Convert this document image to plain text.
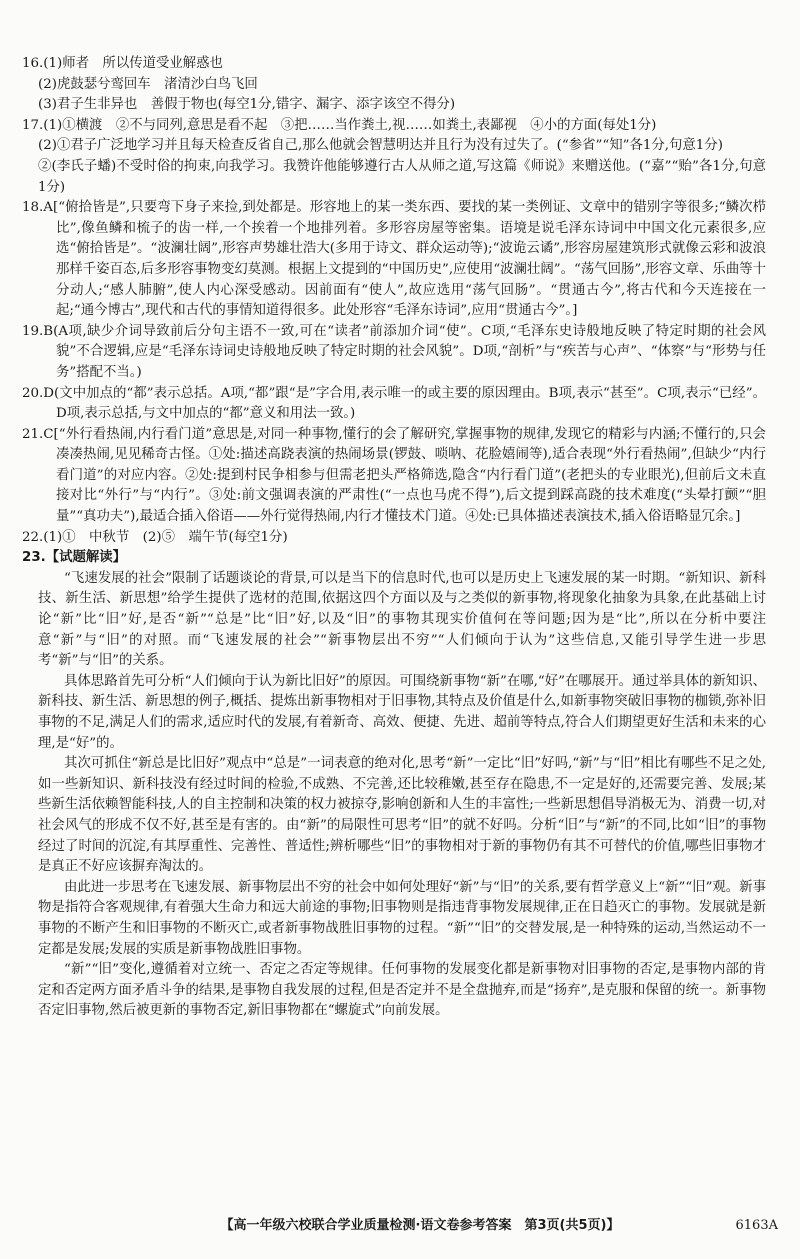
16.(1)师者　所以传道受业解惑也
(2)虎鼓瑟兮鸾回车　渚清沙白鸟飞回
(3)君子生非异也　善假于物也(每空1分,错字、漏字、添字该空不得分)
17.(1)①横渡　②不与同列,意思是看不起　③把……当作粪土,视……如粪土,表鄙视　④小的方面(每处1分)
(2)①君子广泛地学习并且每天检查反省自己,那么他就会智慧明达并且行为没有过失了。(“参省”“知”各1分,句意1分)
②(李氏子蟠)不受时俗的拘束,向我学习。我赞许他能够遵行古人从师之道,写这篇《师说》来赠送他。(“嘉”“贻”各1分,句意1分)
18.A[“俯拾皆是”,只要弯下身子来捡,到处都是。形容地上的某一类东西、要找的某一类例证、文章中的错别字等很多;“鳞次栉比”,像鱼鳞和梳子的齿一样,一个挨着一个地排列着。多形容房屋等密集。语境是说毛泽东诗词中中国文化元素很多,应选“俯拾皆是”。“波澜壮阔”,形容声势雄壮浩大(多用于诗文、群众运动等);“波诡云谲”,形容房屋建筑形式就像云彩和波浪那样千姿百态,后多形容事物变幻莫测。根据上文提到的“中国历史”,应使用“波澜壮阔”。“荡气回肠”,形容文章、乐曲等十分动人;“感人肺腑”,使人内心深受感动。因前面有“使人”,故应选用“荡气回肠”。“贯通古今”,将古代和今天连接在一起;“通今博古”,现代和古代的事情知道得很多。此处形容“毛泽东诗词”,应用“贯通古今”。]
19.B(A项,缺少介词导致前后分句主语不一致,可在“读者”前添加介词“使”。C项,“毛泽东史诗般地反映了特定时期的社会风貌”不合逻辑,应是“毛泽东诗词史诗般地反映了特定时期的社会风貌”。D项,“剖析”与“疾苦与心声”、“体察”与“形势与任务”搭配不当。)
20.D(文中加点的“都”表示总括。A项,“都”跟“是”字合用,表示唯一的或主要的原因理由。B项,表示“甚至”。C项,表示“已经”。D项,表示总括,与文中加点的“都”意义和用法一致。)
21.C[“外行看热闹,内行看门道”意思是,对同一种事物,懂行的会了解研究,掌握事物的规律,发现它的精彩与内涵;不懂行的,只会凑凑热闹,见见稀奇古怪。①处:描述高跷表演的热闹场景(锣鼓、唢呐、花脸嬉闹等),适合表现“外行看热闹”,但缺少“内行看门道”的对应内容。②处:提到村民争相参与但需老把头严格筛选,隐含“内行看门道”(老把头的专业眼光),但前后文未直接对比“外行”与“内行”。③处:前文强调表演的严肃性(“一点也马虎不得”),后文提到踩高跷的技术难度(“头晕打颤”“胆量”“真功夫”),最适合插入俗语——外行觉得热闹,内行才懂技术门道。④处:已具体描述表演技术,插入俗语略显冗余。]
22.(1)①　中秋节　(2)⑤　端午节(每空1分)
23.【试题解读】
“飞速发展的社会”限制了话题谈论的背景,可以是当下的信息时代,也可以是历史上飞速发展的某一时期。“新知识、新科技、新生活、新思想”给学生提供了选材的范围,依据这四个方面以及与之类似的新事物,将现象化抽象为具象,在此基础上讨论“新”比“旧”好,是否“新”“总是”比“旧”好,以及“旧”的事物其现实价值何在等问题;因为是“比”,所以在分析中要注意“新”与“旧”的对照。而“飞速发展的社会”“新事物层出不穷”“人们倾向于认为”这些信息,又能引导学生进一步思考“新”与“旧”的关系。
具体思路首先可分析“人们倾向于认为新比旧好”的原因。可围绕新事物“新”在哪,“好”在哪展开。通过举具体的新知识、新科技、新生活、新思想的例子,概括、提炼出新事物相对于旧事物,其特点及价值是什么,如新事物突破旧事物的枷锁,弥补旧事物的不足,满足人们的需求,适应时代的发展,有着新奇、高效、便捷、先进、超前等特点,符合人们期望更好生活和未来的心理,是“好”的。
其次可抓住“新总是比旧好”观点中“总是”一词表意的绝对化,思考“新”一定比“旧”好吗,“新”与“旧”相比有哪些不足之处,如一些新知识、新科技没有经过时间的检验,不成熟、不完善,还比较稚嫩,甚至存在隐患,不一定是好的,还需要完善、发展;某些新生活依赖智能科技,人的自主控制和决策的权力被掠夺,影响创新和人生的丰富性;一些新思想倡导消极无为、消费一切,对社会风气的形成不仅不好,甚至是有害的。由“新”的局限性可思考“旧”的就不好吗。分析“旧”与“新”的不同,比如“旧”的事物经过了时间的沉淀,有其厚重性、完善性、普适性;辨析哪些“旧”的事物相对于新的事物仍有其不可替代的价值,哪些旧事物才是真正不好应该摒弃淘汰的。
由此进一步思考在飞速发展、新事物层出不穷的社会中如何处理好“新”与“旧”的关系,要有哲学意义上“新”“旧”观。新事物是指符合客观规律,有着强大生命力和远大前途的事物;旧事物则是指违背事物发展规律,正在日趋灭亡的事物。发展就是新事物的不断产生和旧事物的不断灭亡,或者新事物战胜旧事物的过程。“新”“旧”的交替发展,是一种特殊的运动,当然运动不一定都是发展;发展的实质是新事物战胜旧事物。
“新”“旧”变化,遵循着对立统一、否定之否定等规律。任何事物的发展变化都是新事物对旧事物的否定,是事物内部的肯定和否定两方面矛盾斗争的结果,是事物自我发展的过程,但是否定并不是全盘抛弃,而是“扬弃”,是克服和保留的统一。新事物否定旧事物,然后被更新的事物否定,新旧事物都在“螺旋式”向前发展。
【高一年级六校联合学业质量检测·语文卷参考答案　第3页(共5页)】	6163A
